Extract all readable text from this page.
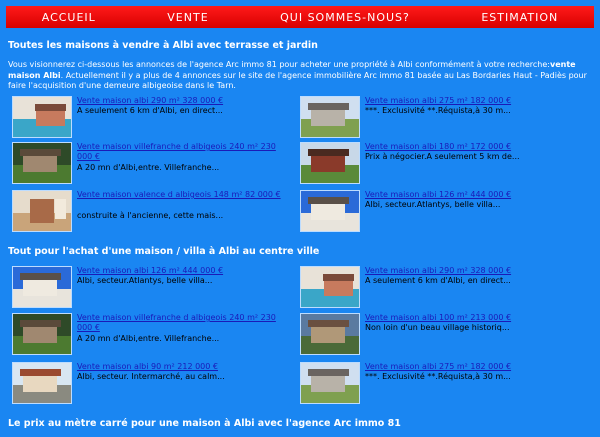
ACCUEIL	VENTE	QUI SOMMES-NOUS?	ESTIMATION
Toutes les maisons à vendre à Albi avec terrasse et jardin

Vous visionnerez ci-dessous les annonces de l'agence Arc immo 81 pour acheter une propriété à Albi conformément à votre recherche:vente maison Albi. Actuellement il y a plus de 4 annonces sur le site de l'agence immobilière Arc immo 81 basée au Las Bordaries Haut - Padiès pour faire l'acquisition d'une demeure albigeoise dans le Tarn.

Vente maison albi 290 m² 328 000 €
A seulement 6 km d'Albi, en direct...
Vente maison albi 275 m² 182 000 €
***. Exclusivité **.Réquista,à 30 m...
Vente maison villefranche d albigeois 240 m² 230 000 €
A 20 mn d'Albi,entre. Villefranche...
Vente maison albi 180 m² 172 000 €
Prix à négocier.A seulement 5 km de...
Vente maison valence d albigeois 148 m² 82 000 €
construite à l'ancienne, cette mais...
Vente maison albi 126 m² 444 000 €
Albi, secteur.Atlantys, belle villa...
Tout pour l'achat d'une maison / villa à Albi au centre ville
Vente maison albi 126 m² 444 000 €
Albi, secteur.Atlantys, belle villa...
Vente maison albi 290 m² 328 000 €
A seulement 6 km d'Albi, en direct...
Vente maison villefranche d albigeois 240 m² 230 000 €
A 20 mn d'Albi,entre. Villefranche...
Vente maison albi 100 m² 213 000 €
Non loin d'un beau village historiq...
Vente maison albi 90 m² 212 000 €
Albi, secteur. Intermarché, au calm...
Vente maison albi 275 m² 182 000 €
***. Exclusivité **.Réquista,à 30 m...
Le prix au mètre carré pour une maison à Albi avec l'agence Arc immo 81
